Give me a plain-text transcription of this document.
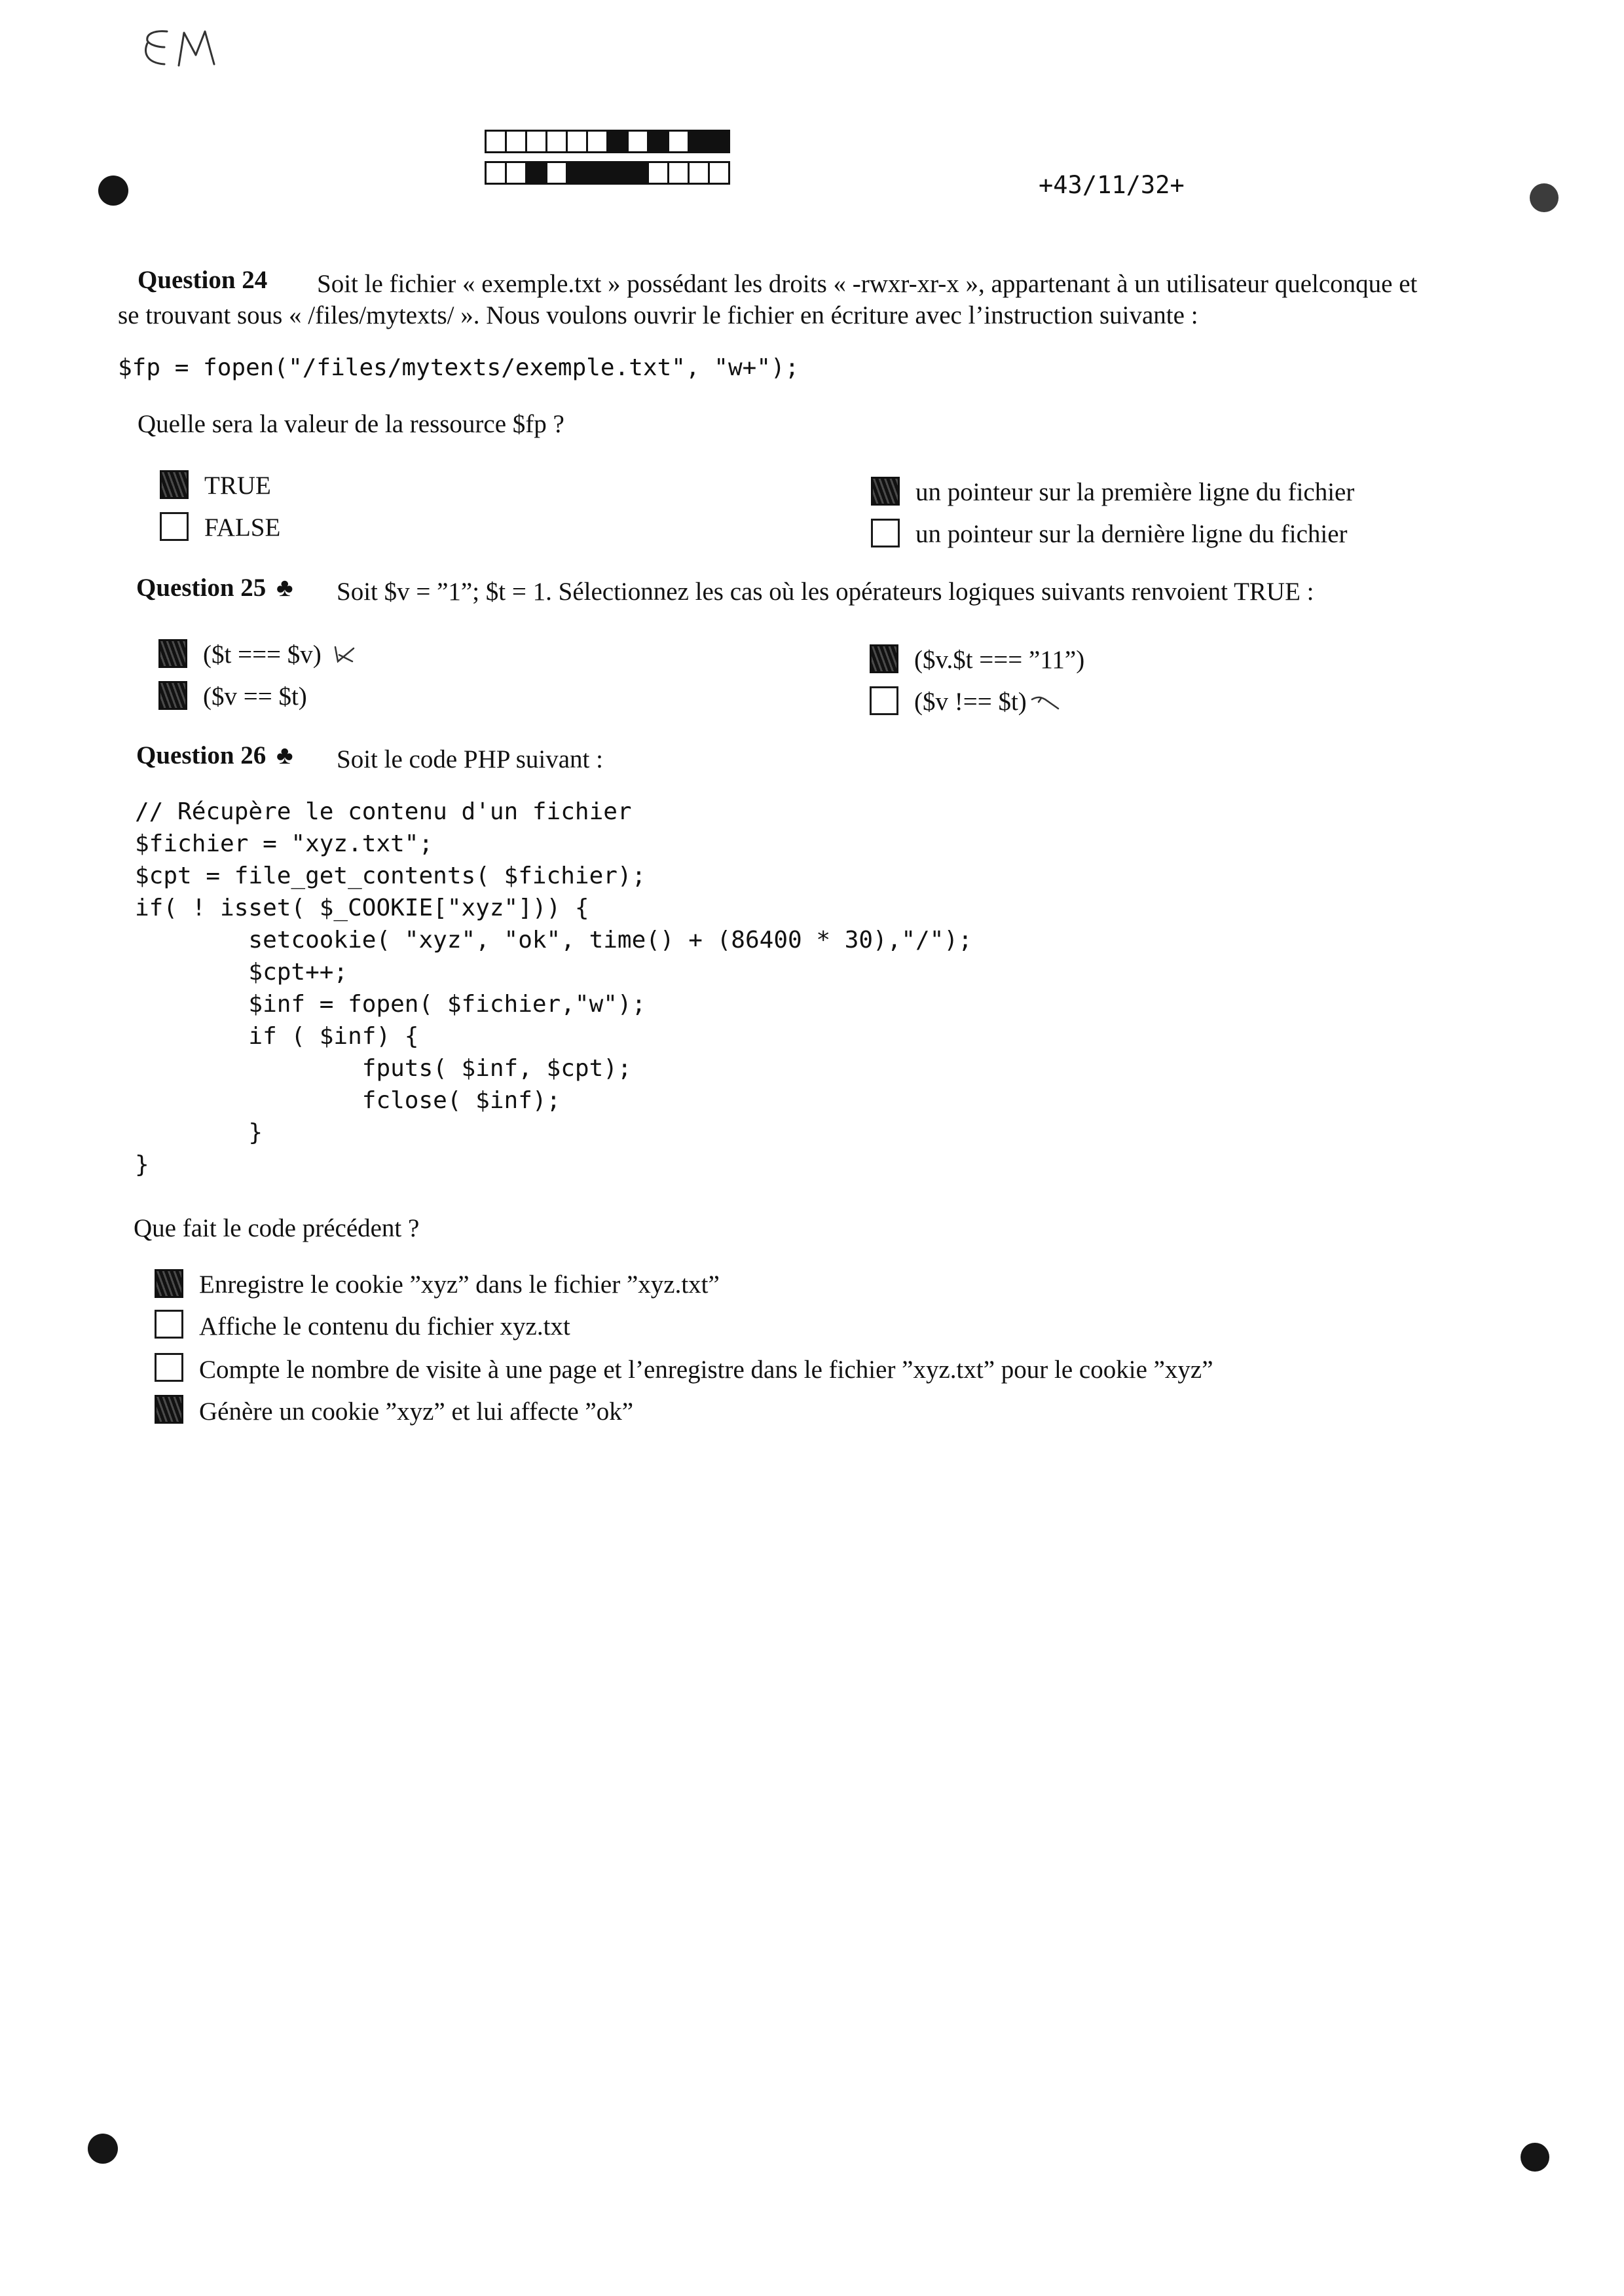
+43/11/32+
Question 24 Soit le fichier « exemple.txt » possédant les droits « -rwxr-xr-x », appartenant à un utilisateur quelconque et
se trouvant sous « /files/mytexts/ ». Nous voulons ouvrir le fichier en écriture avec l’instruction suivante :
$fp = fopen("/files/mytexts/exemple.txt", "w+");
Quelle sera la valeur de la ressource $fp ?
TRUE
FALSE
un pointeur sur la première ligne du fichier
un pointeur sur la dernière ligne du fichier
Question 25 ♣ Soit $v = ”1”; $t = 1. Sélectionnez les cas où les opérateurs logiques suivants renvoient TRUE :
($t === $v)
($v == $t)
($v.$t === ”11”)
($v !== $t)
Question 26 ♣ Soit le code PHP suivant :
// Récupère le contenu d'un fichier
$fichier = "xyz.txt";
$cpt = file_get_contents( $fichier);
if( ! isset( $_COOKIE["xyz"])) {
setcookie( "xyz", "ok", time() + (86400 * 30),"/");
$cpt++;
$inf = fopen( $fichier,"w");
if ( $inf) {
fputs( $inf, $cpt);
fclose( $inf);
}
}
Que fait le code précédent ?
Enregistre le cookie ”xyz” dans le fichier ”xyz.txt”
Affiche le contenu du fichier xyz.txt
Compte le nombre de visite à une page et l’enregistre dans le fichier ”xyz.txt” pour le cookie ”xyz”
Génère un cookie ”xyz” et lui affecte ”ok”
